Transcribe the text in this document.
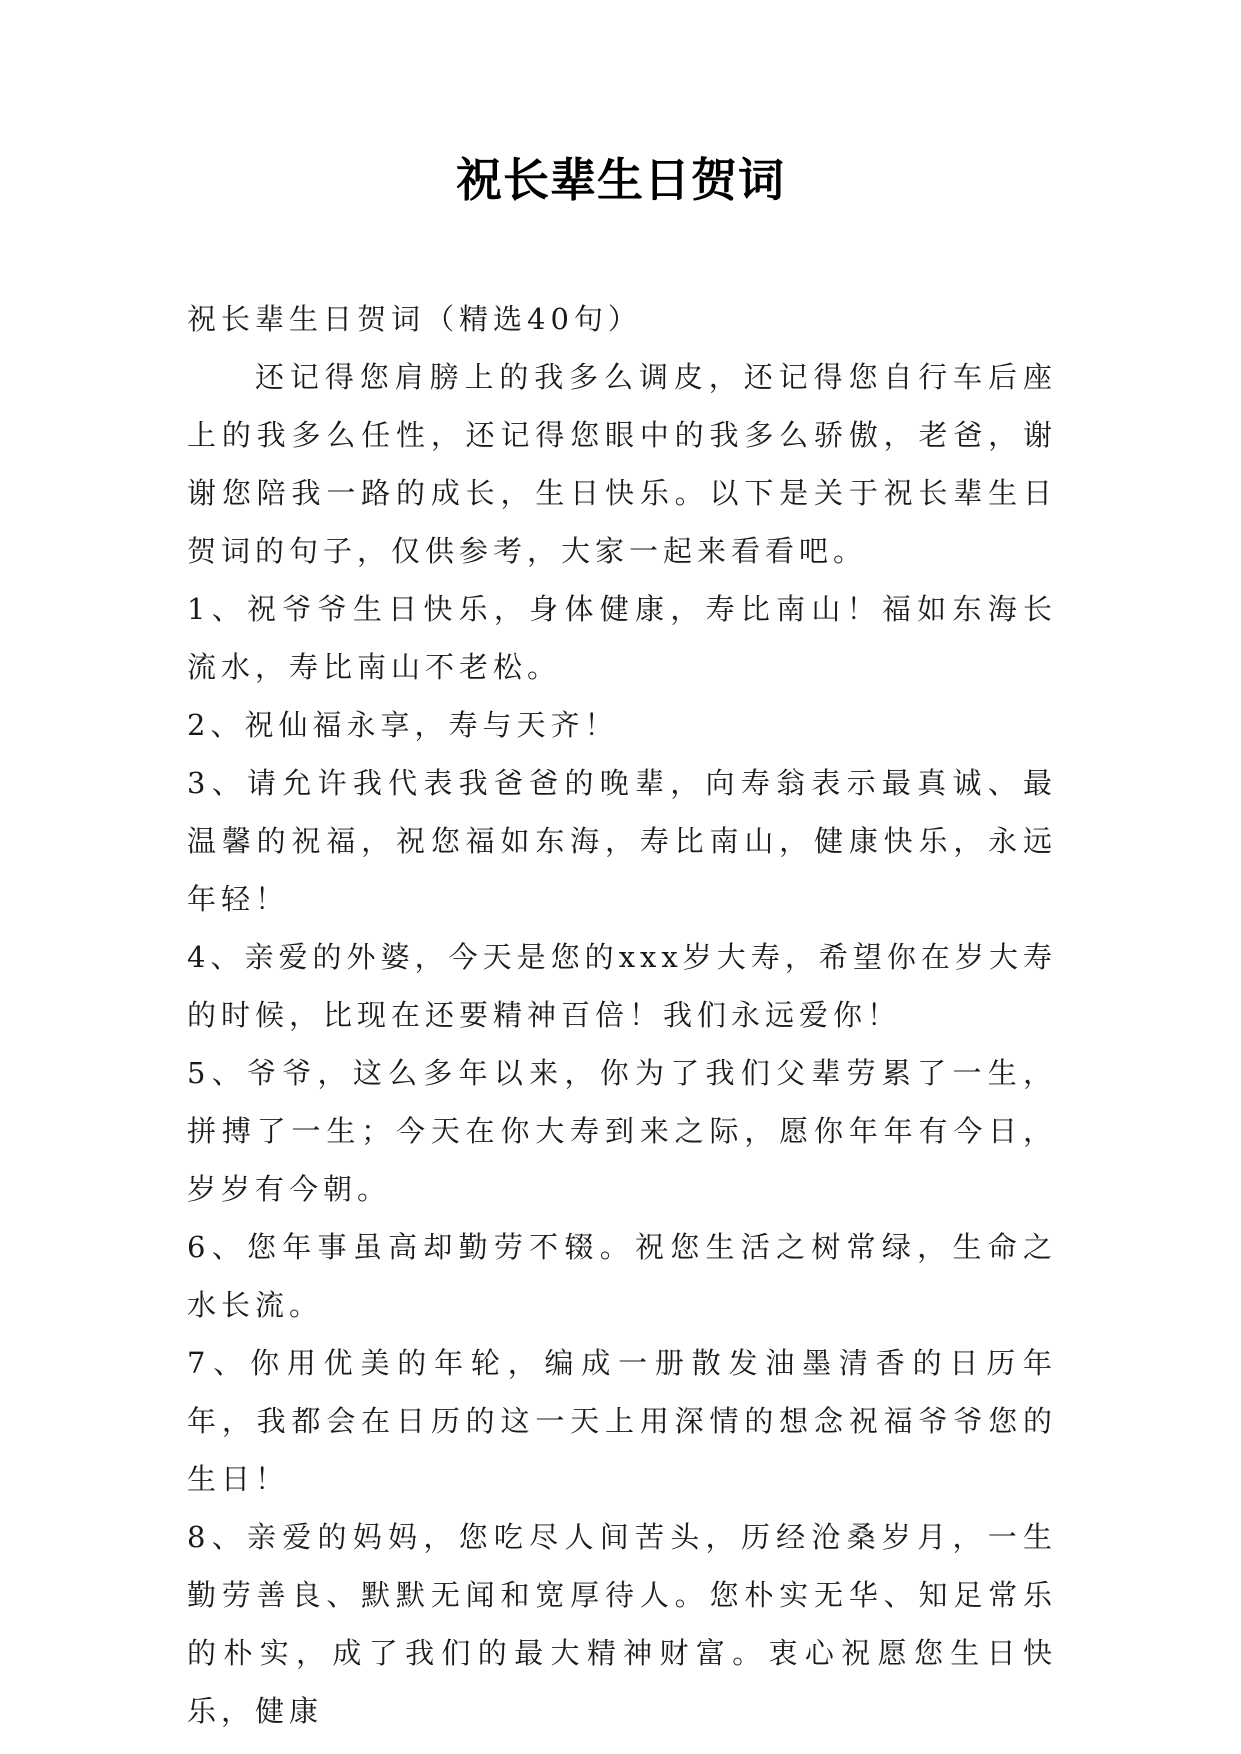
祝长辈生日贺词

祝长辈生日贺词（精选40句）

还记得您肩膀上的我多么调皮，还记得您自行车后座上的我多么任性，还记得您眼中的我多么骄傲，老爸，谢谢您陪我一路的成长，生日快乐。以下是关于祝长辈生日贺词的句子，仅供参考，大家一起来看看吧。

1、祝爷爷生日快乐，身体健康，寿比南山！福如东海长流水，寿比南山不老松。

2、祝仙福永享，寿与天齐！

3、请允许我代表我爸爸的晚辈，向寿翁表示最真诚、最温馨的祝福，祝您福如东海，寿比南山，健康快乐，永远年轻！

4、亲爱的外婆，今天是您的xxx岁大寿，希望你在岁大寿的时候，比现在还要精神百倍！我们永远爱你！

5、爷爷，这么多年以来，你为了我们父辈劳累了一生，拼搏了一生；今天在你大寿到来之际，愿你年年有今日，岁岁有今朝。

6、您年事虽高却勤劳不辍。祝您生活之树常绿，生命之水长流。

7、你用优美的年轮，编成一册散发油墨清香的日历年年，我都会在日历的这一天上用深情的想念祝福爷爷您的生日！

8、亲爱的妈妈，您吃尽人间苦头，历经沧桑岁月，一生勤劳善良、默默无闻和宽厚待人。您朴实无华、知足常乐的朴实，成了我们的最大精神财富。衷心祝愿您生日快乐，健康
